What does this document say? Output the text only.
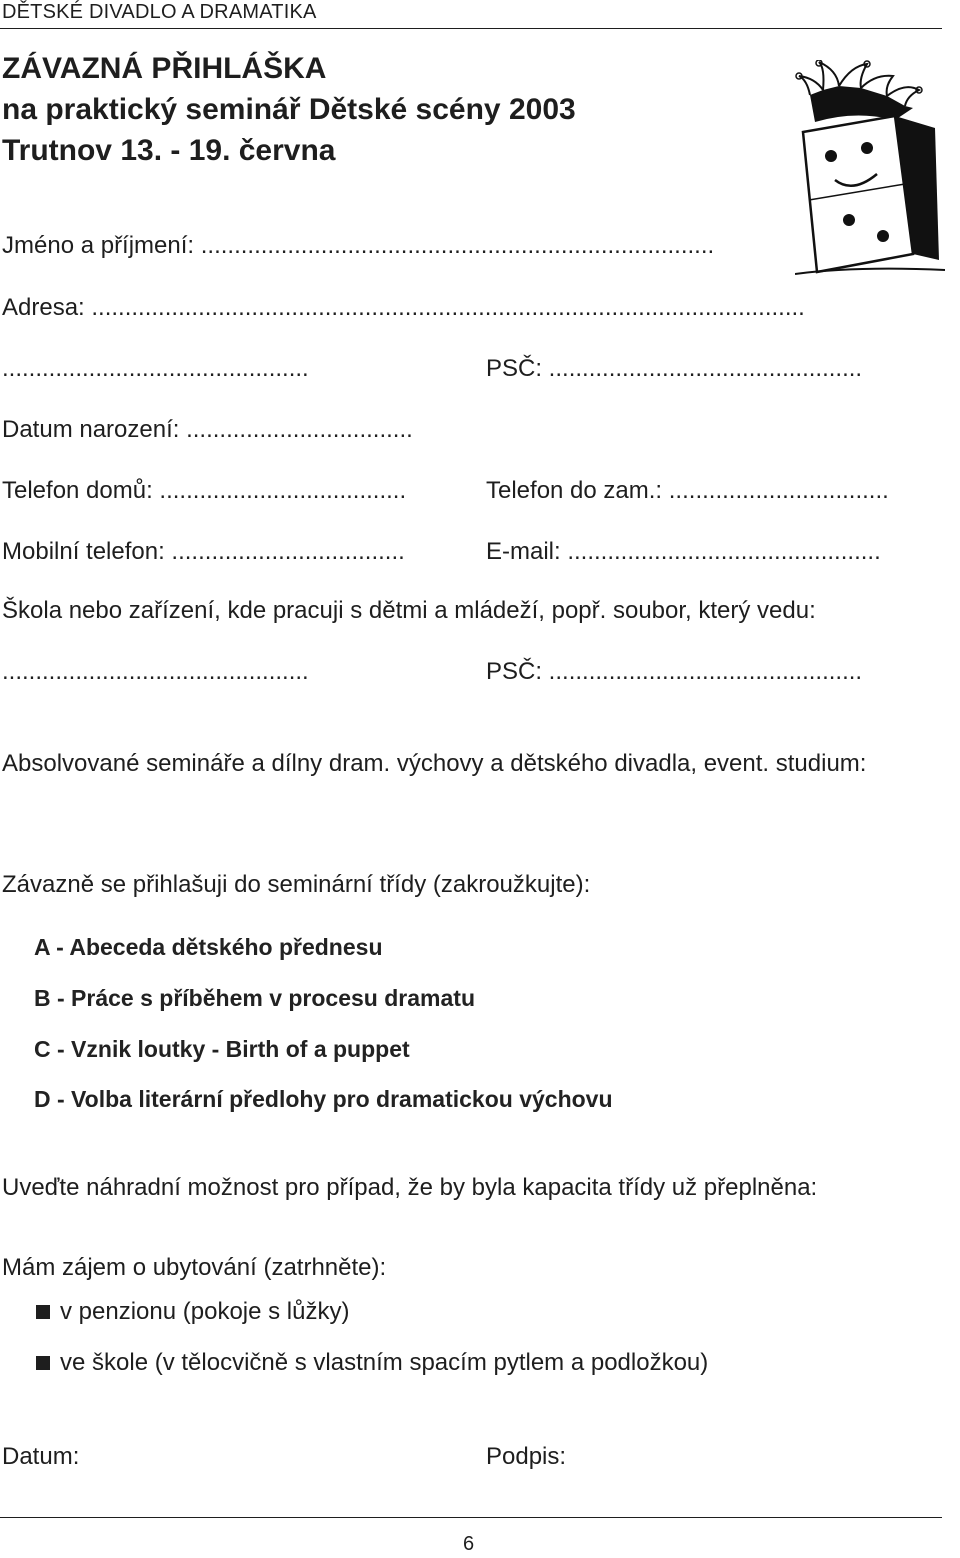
DĚTSKÉ DIVADLO A DRAMATIKA
ZÁVAZNÁ PŘIHLÁŠKA
na praktický seminář Dětské scény 2003
Trutnov 13. - 19. června
Jméno a příjmení: .............................................................................
Adresa: ...........................................................................................................
..............................................	PSČ: ...............................................
Datum narození: ..................................
Telefon domů: .....................................	Telefon do zam.: .................................
Mobilní telefon: ...................................	E-mail: ...............................................
Škola nebo zařízení, kde pracuji s dětmi a mládeží, popř. soubor, který vedu:
..............................................	PSČ: ...............................................
Absolvované semináře a dílny dram. výchovy a dětského divadla, event. studium:
Závazně se přihlašuji do seminární třídy (zakroužkujte):
A - Abeceda dětského přednesu
B - Práce s příběhem v procesu dramatu
C - Vznik loutky - Birth of a puppet
D - Volba literární předlohy pro dramatickou výchovu
Uveďte náhradní možnost pro případ, že by byla kapacita třídy už přeplněna:
Mám zájem o ubytování (zatrhněte):
v penzionu (pokoje s lůžky)
ve škole (v tělocvičně s vlastním spacím pytlem a podložkou)
Datum:	Podpis:
6
